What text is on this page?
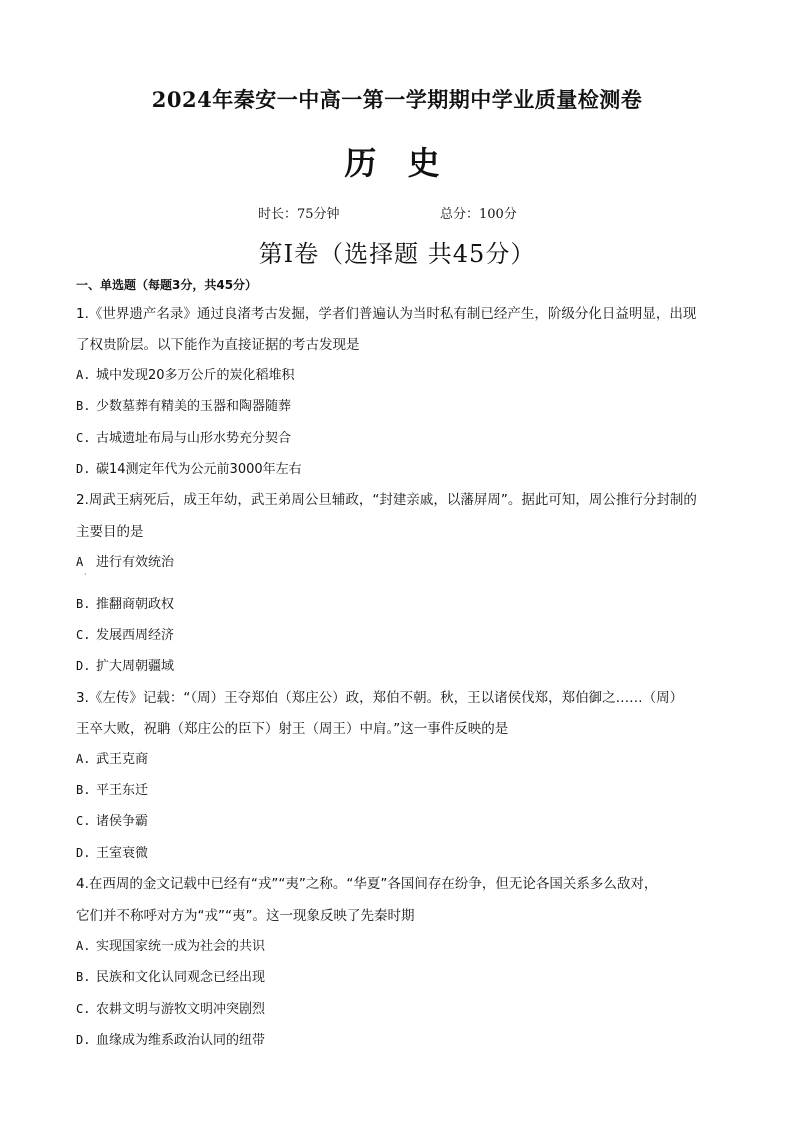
2024年秦安一中高一第一学期期中学业质量检测卷
历 史
时长：75分钟	总分：100分
第Ⅰ卷（选择题 共45分）
一、单选题（每题3分，共45分）
1.《世界遗产名录》通过良渚考古发掘，学者们普遍认为当时私有制已经产生，阶级分化日益明显，出现
了权贵阶层。以下能作为直接证据的考古发现是
A. 城中发现20多万公斤的炭化稻堆积
B. 少数墓葬有精美的玉器和陶器随葬
C. 古城遗址布局与山形水势充分契合
D. 碳14测定年代为公元前3000年左右
2.周武王病死后，成王年幼，武王弟周公旦辅政，“封建亲戚，以藩屏周”。据此可知，周公推行分封制的
主要目的是
A 进行有效统治
·
B. 推翻商朝政权
C. 发展西周经济
D. 扩大周朝疆域
3.《左传》记载：“（周）王夺郑伯（郑庄公）政，郑伯不朝。秋，王以诸侯伐郑，郑伯御之……（周）
王卒大败，祝聃（郑庄公的臣下）射王（周王）中肩。”这一事件反映的是
A. 武王克商
B. 平王东迁
C. 诸侯争霸
D. 王室衰微
4.在西周的金文记载中已经有“戎”“夷”之称。“华夏”各国间存在纷争，但无论各国关系多么敌对，
它们并不称呼对方为“戎”“夷”。这一现象反映了先秦时期
A. 实现国家统一成为社会的共识
B. 民族和文化认同观念已经出现
C. 农耕文明与游牧文明冲突剧烈
D. 血缘成为维系政治认同的纽带
